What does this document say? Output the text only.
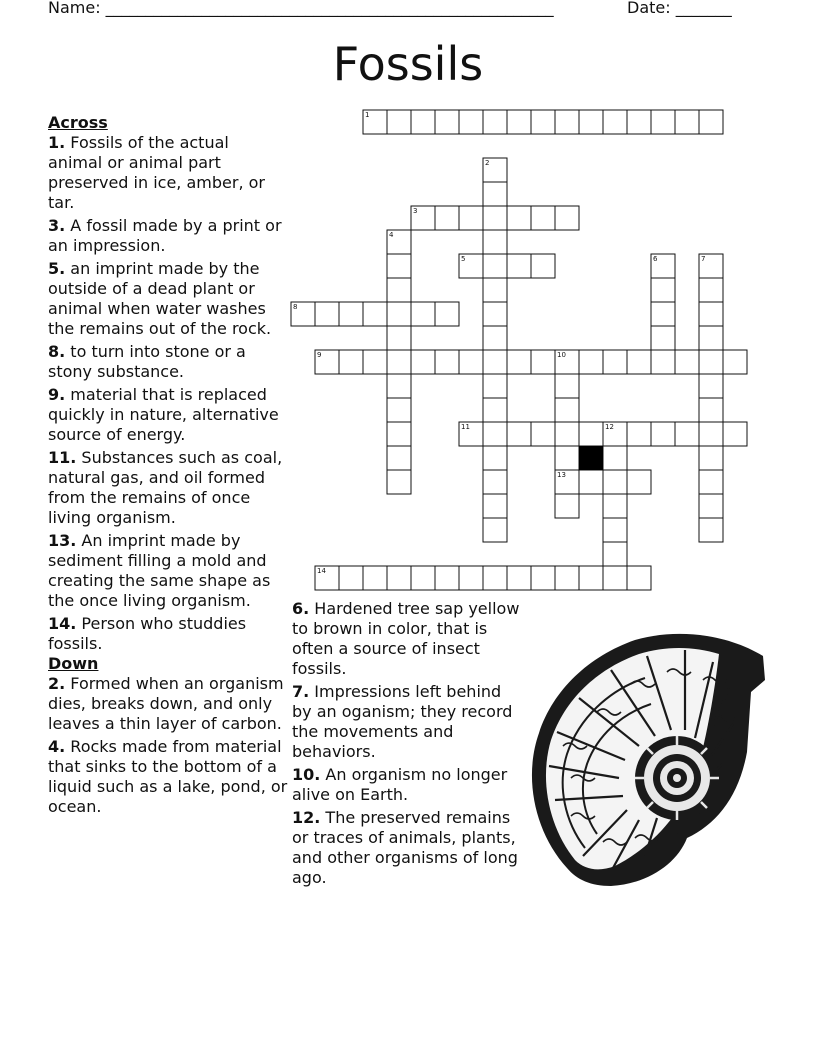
Name: ________________________________________________________	Date: _______
Fossils

Across

1. Fossils of the actual animal or animal part preserved in ice, amber, or tar.

3. A fossil made by a print or an impression.

5. an imprint made by the outside of a dead plant or animal when water washes the remains out of the rock.

8. to turn into stone or a stony substance.

9. material that is replaced quickly in nature, alternative source of energy.

11. Substances such as coal, natural gas, and oil formed from the remains of once living organism.

13. An imprint made by sediment filling a mold and creating the same shape as the once living organism.

14. Person who studdies fossils.

Down

2. Formed when an organism dies, breaks down, and only leaves a thin layer of carbon.

4. Rocks made from material that sinks to the bottom of a liquid such as a lake, pond, or ocean.

6. Hardened tree sap yellow to brown in color, that is often a source of insect fossils.

7. Impressions left behind by an oganism; they record the movements and behaviors.

10. An organism no longer alive on Earth.

12. The preserved remains or traces of animals, plants, and other organisms of long ago.

1
2
3
4
5	6	7
8
9	10
11	12
13
14
